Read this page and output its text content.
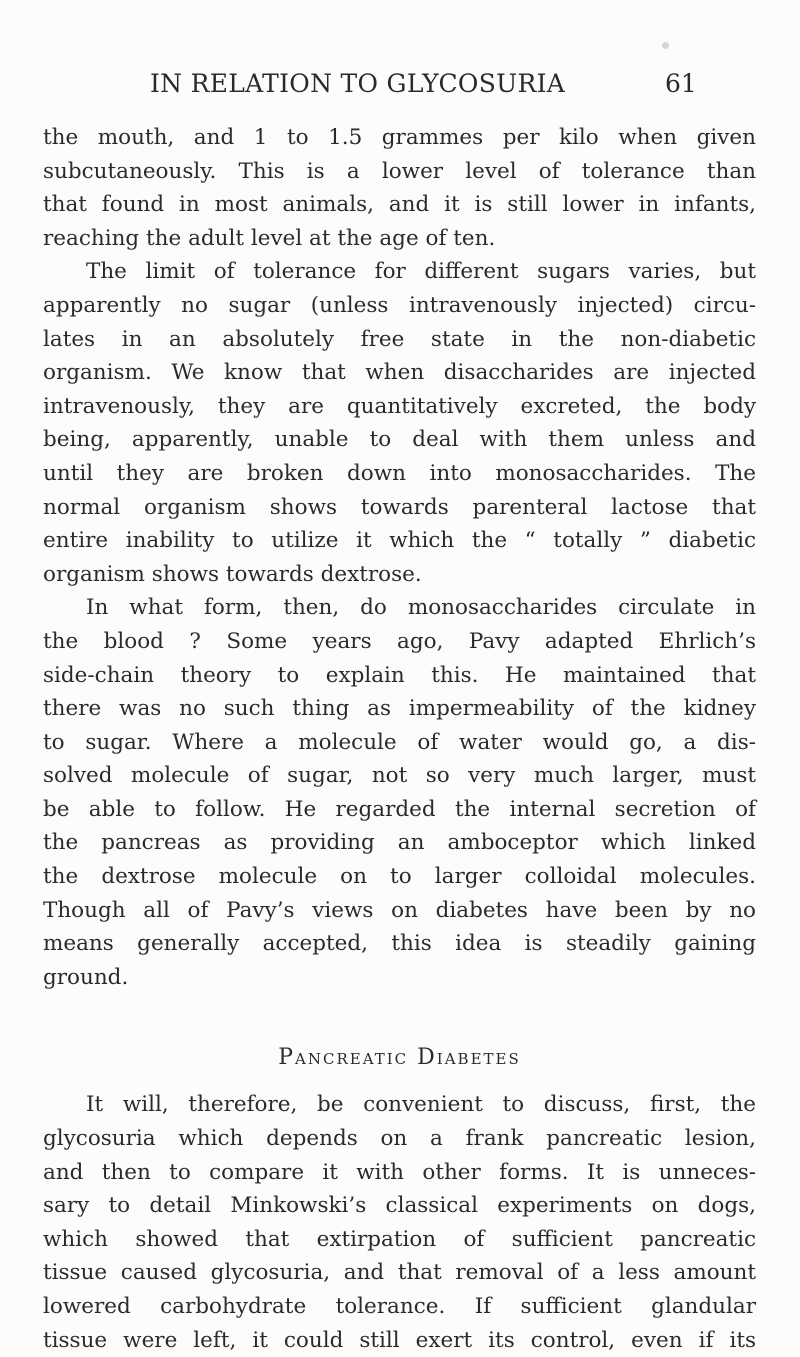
IN RELATION TO GLYCOSURIA	61
the mouth, and 1 to 1.5 grammes per kilo when given
subcutaneously. This is a lower level of tolerance than
that found in most animals, and it is still lower in infants,
reaching the adult level at the age of ten.
The limit of tolerance for different sugars varies, but
apparently no sugar (unless intravenously injected) circu-
lates in an absolutely free state in the non-diabetic
organism. We know that when disaccharides are injected
intravenously, they are quantitatively excreted, the body
being, apparently, unable to deal with them unless and
until they are broken down into monosaccharides. The
normal organism shows towards parenteral lactose that
entire inability to utilize it which the “ totally ” diabetic
organism shows towards dextrose.
In what form, then, do monosaccharides circulate in
the blood ? Some years ago, Pavy adapted Ehrlich’s
side-chain theory to explain this. He maintained that
there was no such thing as impermeability of the kidney
to sugar. Where a molecule of water would go, a dis-
solved molecule of sugar, not so very much larger, must
be able to follow. He regarded the internal secretion of
the pancreas as providing an amboceptor which linked
the dextrose molecule on to larger colloidal molecules.
Though all of Pavy’s views on diabetes have been by no
means generally accepted, this idea is steadily gaining
ground.
Pancreatic Diabetes
It will, therefore, be convenient to discuss, first, the
glycosuria which depends on a frank pancreatic lesion,
and then to compare it with other forms. It is unneces-
sary to detail Minkowski’s classical experiments on dogs,
which showed that extirpation of sufficient pancreatic
tissue caused glycosuria, and that removal of a less amount
lowered carbohydrate tolerance. If sufficient glandular
tissue were left, it could still exert its control, even if its
